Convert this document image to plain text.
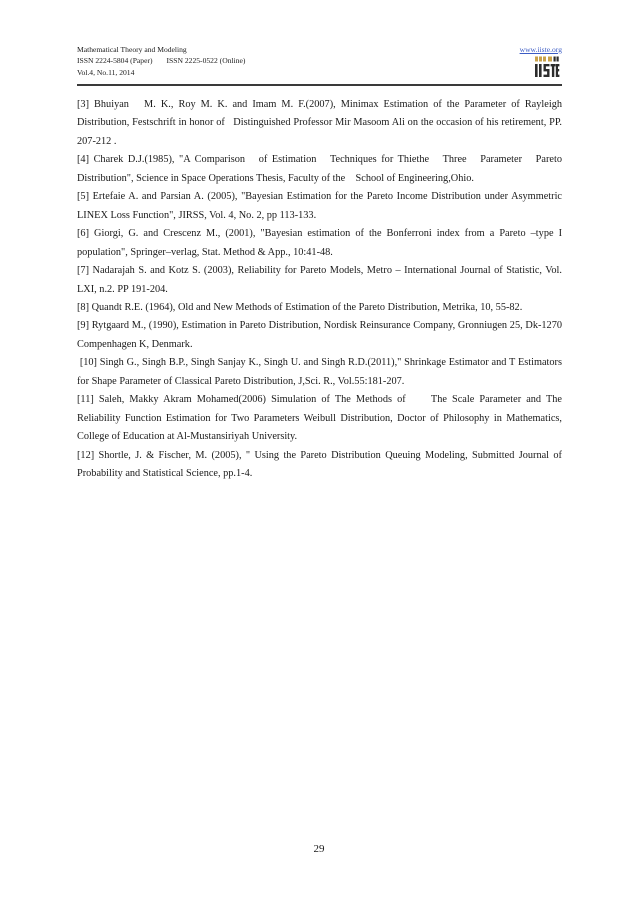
Mathematical Theory and Modeling
ISSN 2224-5804 (Paper) ISSN 2225-0522 (Online)
Vol.4, No.11, 2014
www.iiste.org

[3] Bhuiyan   M. K., Roy M. K. and Imam M. F.(2007), Minimax Estimation of the Parameter of Rayleigh Distribution, Festschrift in honor of   Distinguished Professor Mir Masoom Ali on the occasion of his retirement, PP. 207-212 .

[4] Charek D.J.(1985), "A Comparison   of Estimation   Techniques for Thiethe   Three   Parameter   Pareto Distribution", Science in Space Operations Thesis, Faculty of the    School of Engineering,Ohio.

[5] Ertefaie A. and Parsian A. (2005), "Bayesian Estimation for the Pareto Income Distribution under Asymmetric LINEX Loss Function", JIRSS, Vol. 4, No. 2, pp 113-133.

[6] Giorgi, G. and Crescenz M., (2001), "Bayesian estimation of the Bonferroni index from a Pareto –type I population", Springer–verlag, Stat. Method & App., 10:41-48.

[7] Nadarajah S. and Kotz S. (2003), Reliability for Pareto Models, Metro – International Journal of Statistic, Vol. LXI, n.2. PP 191-204.

[8] Quandt R.E. (1964), Old and New Methods of Estimation of the Pareto Distribution, Metrika, 10, 55-82.

[9] Rytgaard M., (1990), Estimation in Pareto Distribution, Nordisk Reinsurance Company, Gronniugen 25, Dk-1270 Compenhagen K, Denmark.

[10] Singh G., Singh B.P., Singh Sanjay K., Singh U. and Singh R.D.(2011)," Shrinkage Estimator and T Estimators for Shape Parameter of Classical Pareto Distribution, J,Sci. R., Vol.55:181-207.

[11] Saleh, Makky Akram Mohamed(2006) Simulation of The Methods of     The Scale Parameter and The Reliability Function Estimation for Two Parameters Weibull Distribution, Doctor of Philosophy in Mathematics, College of Education at Al-Mustansiriyah University.

[12] Shortle, J. & Fischer, M. (2005), " Using the Pareto Distribution Queuing Modeling, Submitted Journal of Probability and Statistical Science, pp.1-4.

29
